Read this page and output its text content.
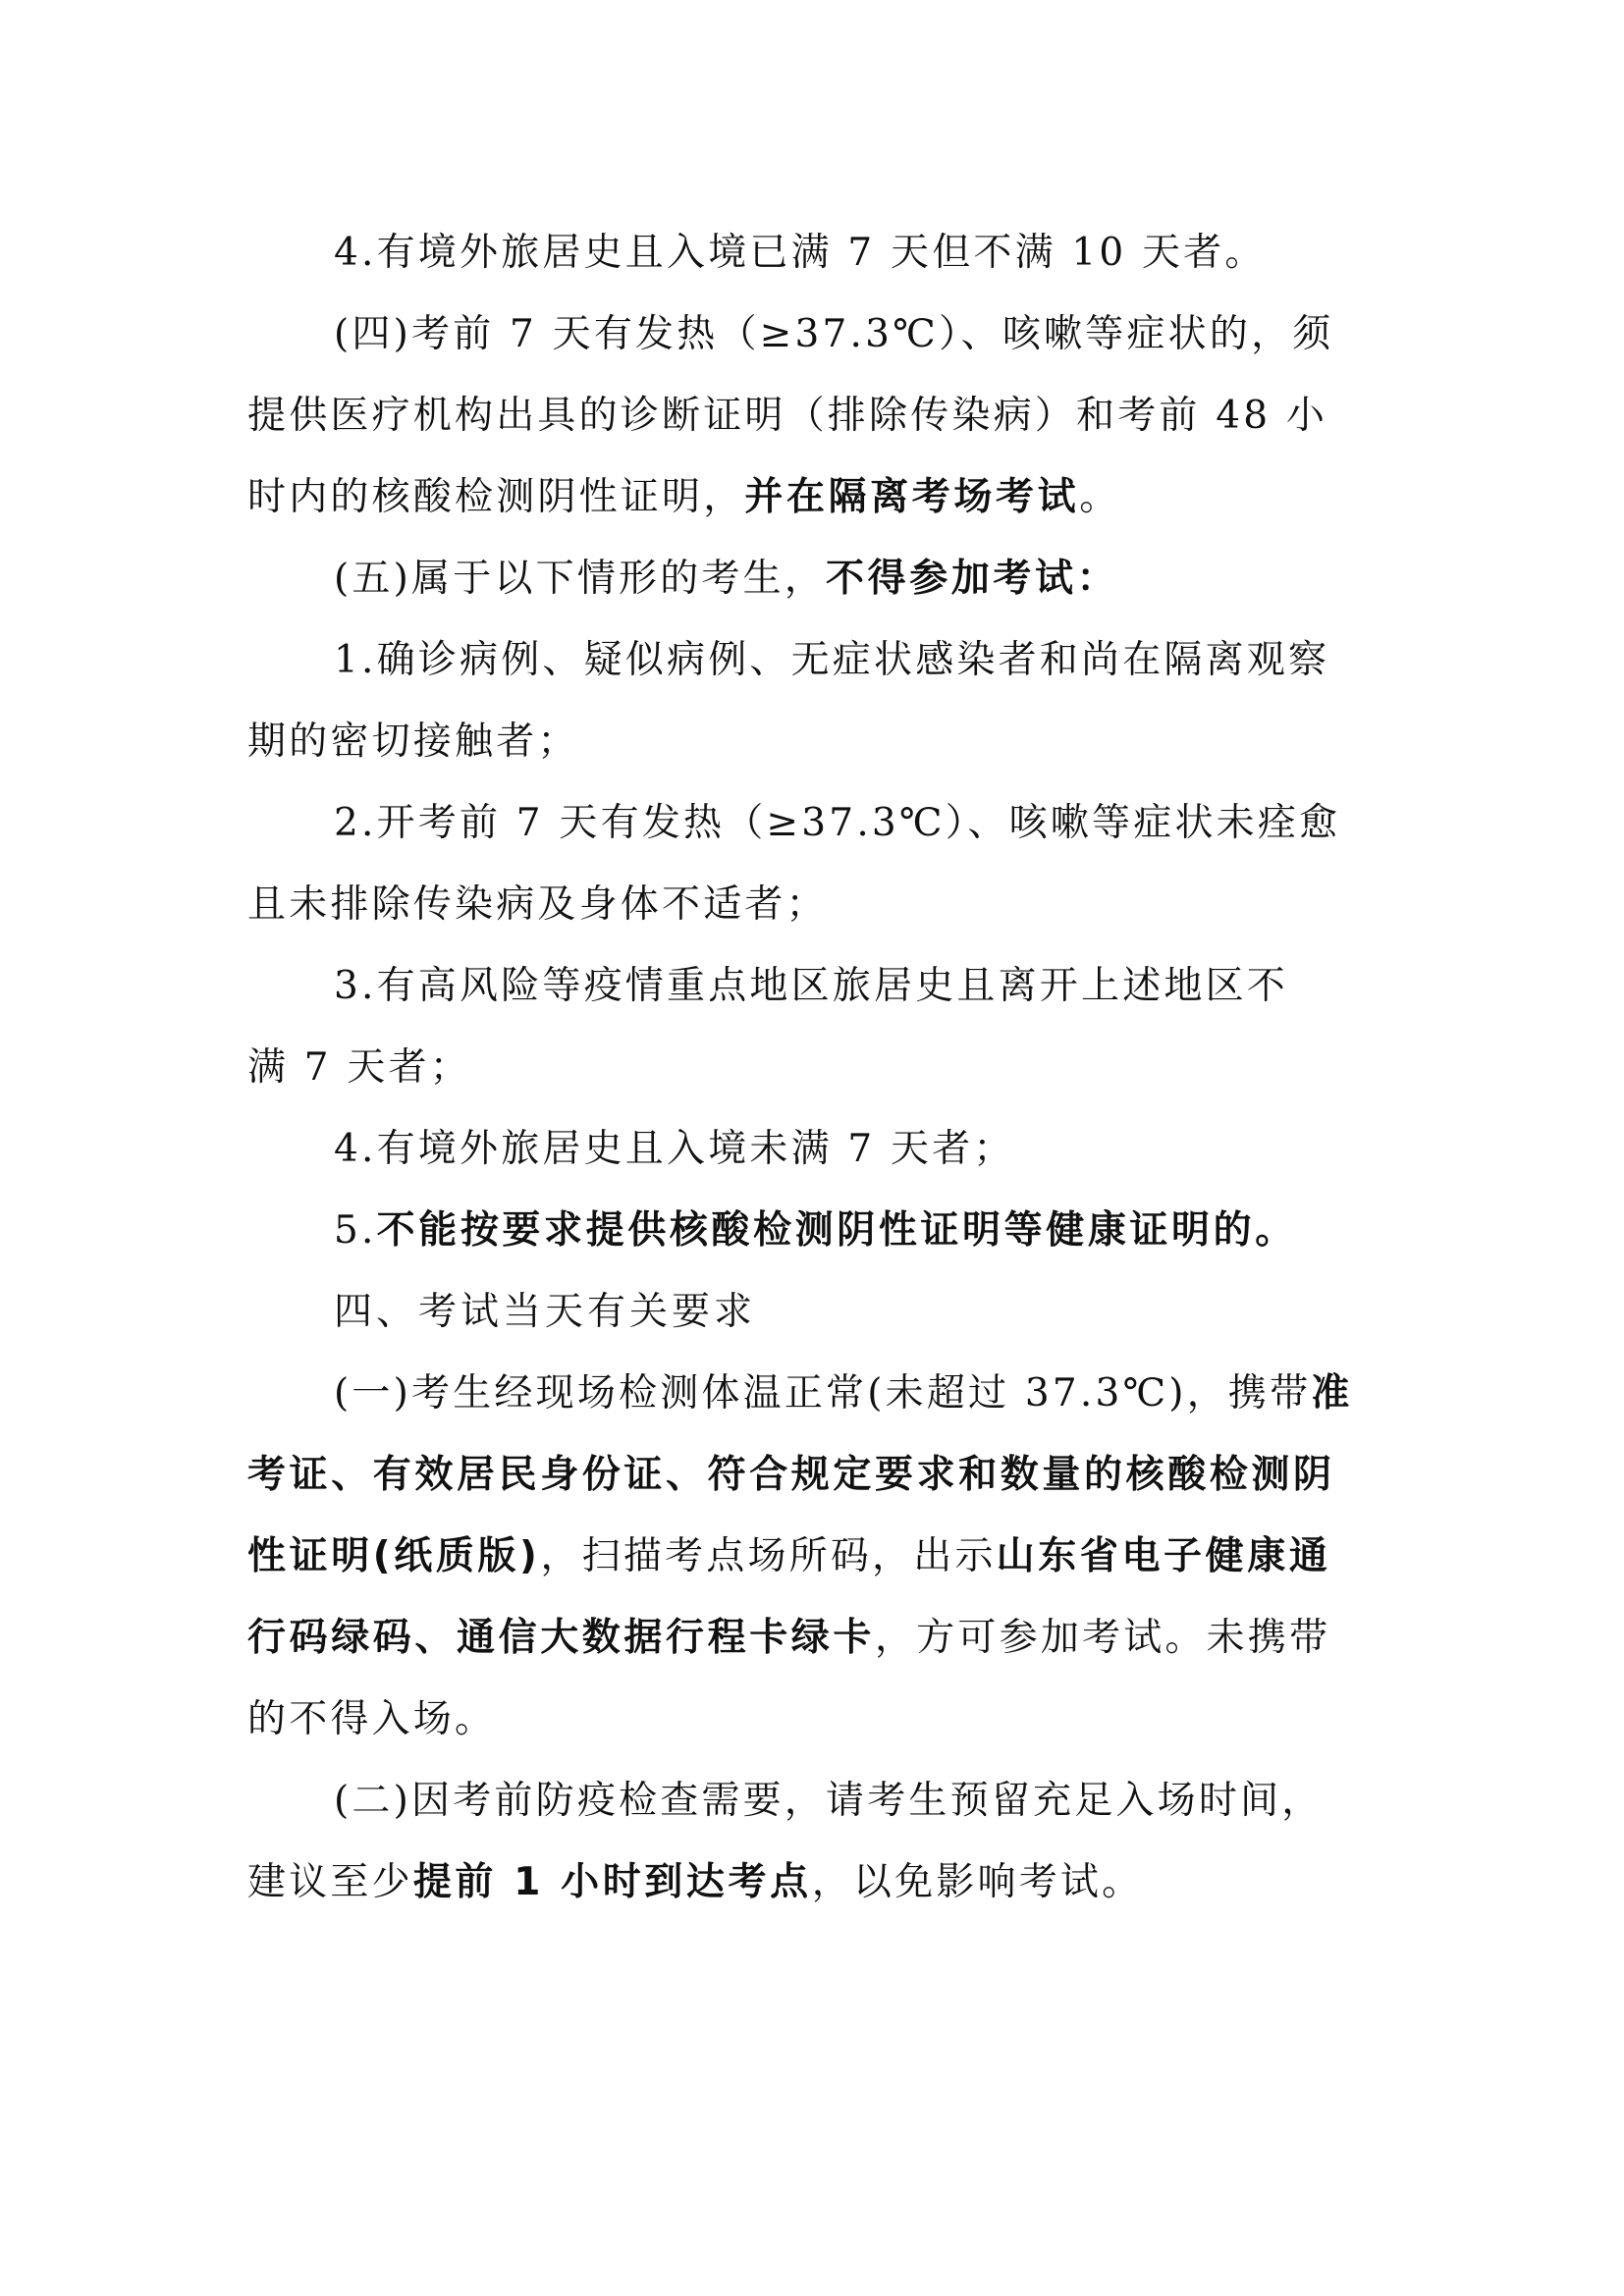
4.有境外旅居史且入境已满 7 天但不满 10 天者。
(四)考前 7 天有发热（≥37.3℃）、咳嗽等症状的，须
提供医疗机构出具的诊断证明（排除传染病）和考前 48 小
时内的核酸检测阴性证明，并在隔离考场考试。
(五)属于以下情形的考生，不得参加考试：
1.确诊病例、疑似病例、无症状感染者和尚在隔离观察
期的密切接触者；
2.开考前 7 天有发热（≥37.3℃）、咳嗽等症状未痊愈
且未排除传染病及身体不适者；
3.有高风险等疫情重点地区旅居史且离开上述地区不
满 7 天者；
4.有境外旅居史且入境未满 7 天者；
5.不能按要求提供核酸检测阴性证明等健康证明的。
四、考试当天有关要求
(一)考生经现场检测体温正常(未超过 37.3℃)，携带准
考证、有效居民身份证、符合规定要求和数量的核酸检测阴
性证明(纸质版)，扫描考点场所码，出示山东省电子健康通
行码绿码、通信大数据行程卡绿卡，方可参加考试。未携带
的不得入场。
(二)因考前防疫检查需要，请考生预留充足入场时间，
建议至少提前 1 小时到达考点，以免影响考试。
